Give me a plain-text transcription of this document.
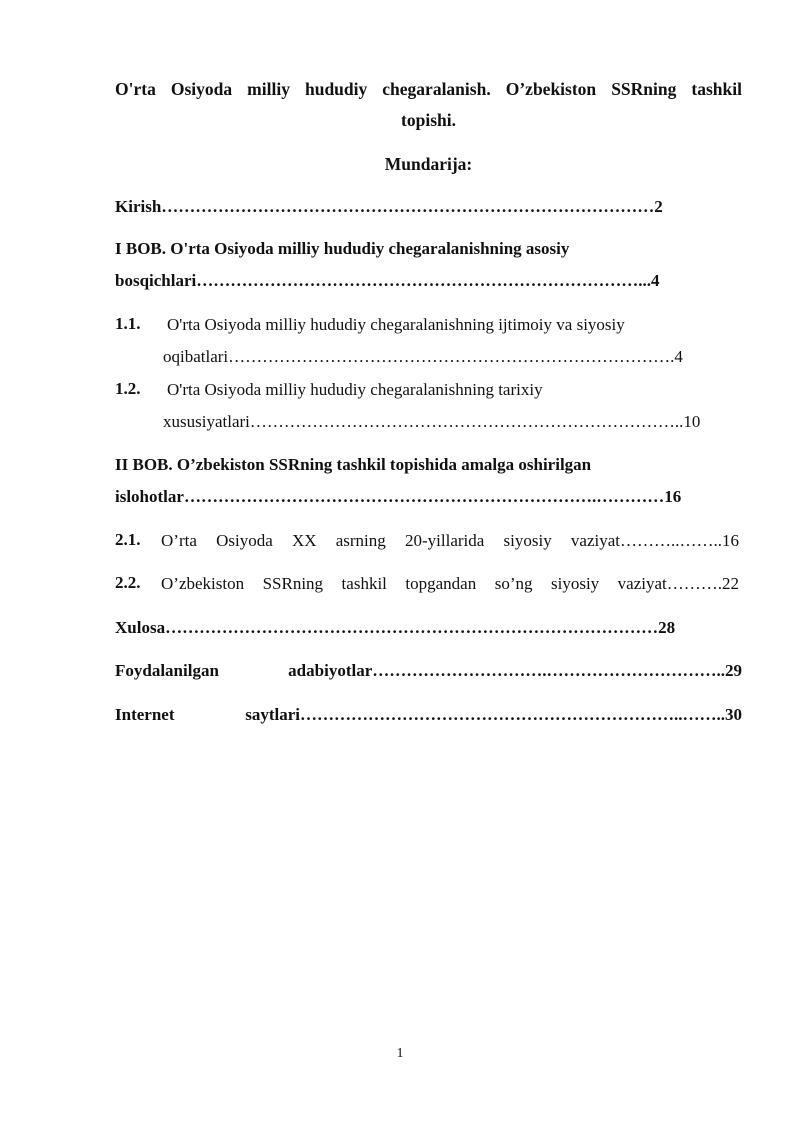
O'rta Osiyoda milliy hududiy chegaralanish. O’zbekiston SSRning tashkil
topishi.
Mundarija:
Kirish……………………………………………………………………………2
I BOB. O'rta Osiyoda milliy hududiy chegaralanishning asosiy
bosqichlari……………………………………………………………………...4
1.1. O'rta Osiyoda milliy hududiy chegaralanishning ijtimoiy va siyosiy
oqibatlari…………………………………………………………………….4
1.2. O'rta Osiyoda milliy hududiy chegaralanishning tarixiy
xususiyatlari…………………………………………………………………..10
II BOB. O’zbekiston SSRning tashkil topishida amalga oshirilgan
islohotlar……………………………………………………………….…………16
2.1. O’rta Osiyoda XX asrning 20-yillarida siyosiy vaziyat………..……..16
2.2. O’zbekiston SSRning tashkil topgandan so’ng siyosiy vaziyat……….22
Xulosa……………………………………………………………………………28
Foydalanilgan adabiyotlar………………………….…………………………..29
Internet saytlari…………………………………………………………..……..30
1
